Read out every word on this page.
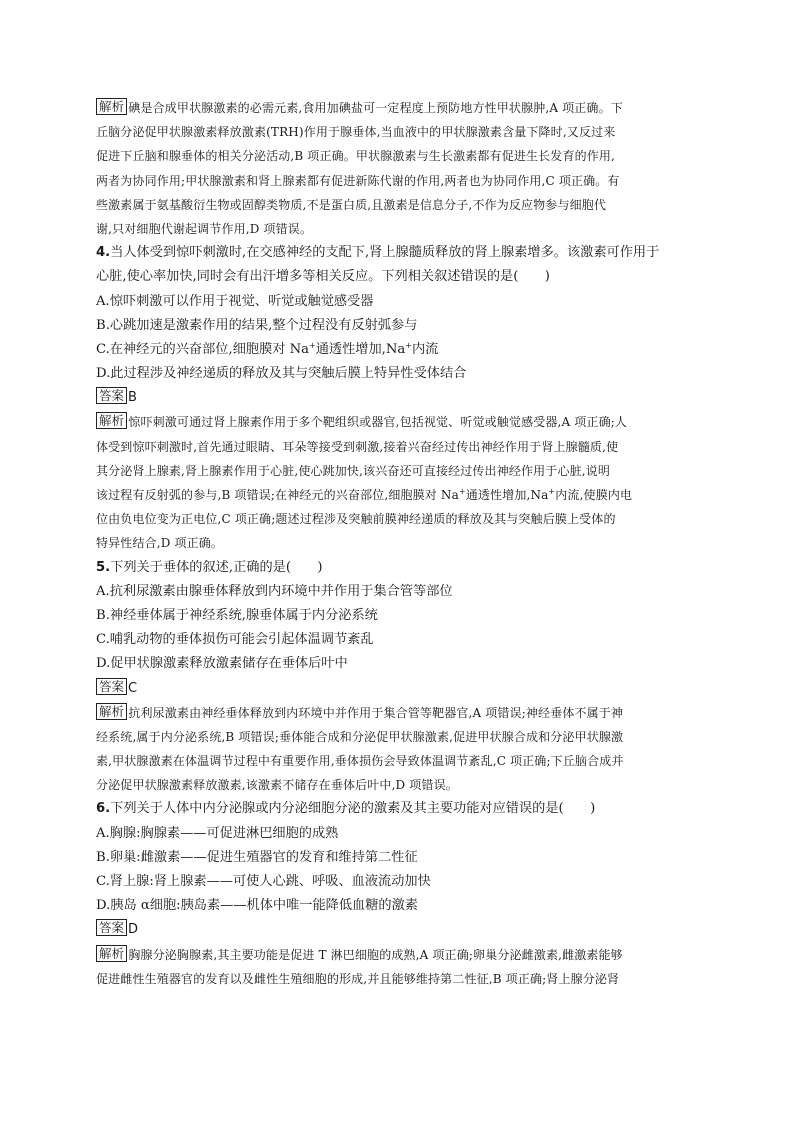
解析 碘是合成甲状腺激素的必需元素,食用加碘盐可一定程度上预防地方性甲状腺肿,A 项正确。下
丘脑分泌促甲状腺激素释放激素(TRH)作用于腺垂体,当血液中的甲状腺激素含量下降时,又反过来
促进下丘脑和腺垂体的相关分泌活动,B 项正确。甲状腺激素与生长激素都有促进生长发育的作用,
两者为协同作用;甲状腺激素和肾上腺素都有促进新陈代谢的作用,两者也为协同作用,C 项正确。有
些激素属于氨基酸衍生物或固醇类物质,不是蛋白质,且激素是信息分子,不作为反应物参与细胞代
谢,只对细胞代谢起调节作用,D 项错误。
4.当人体受到惊吓刺激时,在交感神经的支配下,肾上腺髓质释放的肾上腺素增多。该激素可作用于
心脏,使心率加快,同时会有出汗增多等相关反应。下列相关叙述错误的是(　　)
A.惊吓刺激可以作用于视觉、听觉或触觉感受器
B.心跳加速是激素作用的结果,整个过程没有反射弧参与
C.在神经元的兴奋部位,细胞膜对 Na+通透性增加,Na+内流
D.此过程涉及神经递质的释放及其与突触后膜上特异性受体结合
答案 B
解析 惊吓刺激可通过肾上腺素作用于多个靶组织或器官,包括视觉、听觉或触觉感受器,A 项正确;人
体受到惊吓刺激时,首先通过眼睛、耳朵等接受到刺激,接着兴奋经过传出神经作用于肾上腺髓质,使
其分泌肾上腺素,肾上腺素作用于心脏,使心跳加快,该兴奋还可直接经过传出神经作用于心脏,说明
该过程有反射弧的参与,B 项错误;在神经元的兴奋部位,细胞膜对 Na+通透性增加,Na+内流,使膜内电
位由负电位变为正电位,C 项正确;题述过程涉及突触前膜神经递质的释放及其与突触后膜上受体的
特异性结合,D 项正确。
5.下列关于垂体的叙述,正确的是(　　)
A.抗利尿激素由腺垂体释放到内环境中并作用于集合管等部位
B.神经垂体属于神经系统,腺垂体属于内分泌系统
C.哺乳动物的垂体损伤可能会引起体温调节紊乱
D.促甲状腺激素释放激素储存在垂体后叶中
答案 C
解析 抗利尿激素由神经垂体释放到内环境中并作用于集合管等靶器官,A 项错误;神经垂体不属于神
经系统,属于内分泌系统,B 项错误;垂体能合成和分泌促甲状腺激素,促进甲状腺合成和分泌甲状腺激
素,甲状腺激素在体温调节过程中有重要作用,垂体损伤会导致体温调节紊乱,C 项正确;下丘脑合成并
分泌促甲状腺激素释放激素,该激素不储存在垂体后叶中,D 项错误。
6.下列关于人体中内分泌腺或内分泌细胞分泌的激素及其主要功能对应错误的是(　　)
A.胸腺:胸腺素——可促进淋巴细胞的成熟
B.卵巢:雌激素——促进生殖器官的发育和维持第二性征
C.肾上腺:肾上腺素——可使人心跳、呼吸、血液流动加快
D.胰岛 α细胞:胰岛素——机体中唯一能降低血糖的激素
答案 D
解析 胸腺分泌胸腺素,其主要功能是促进 T 淋巴细胞的成熟,A 项正确;卵巢分泌雌激素,雌激素能够
促进雌性生殖器官的发育以及雌性生殖细胞的形成,并且能够维持第二性征,B 项正确;肾上腺分泌肾
